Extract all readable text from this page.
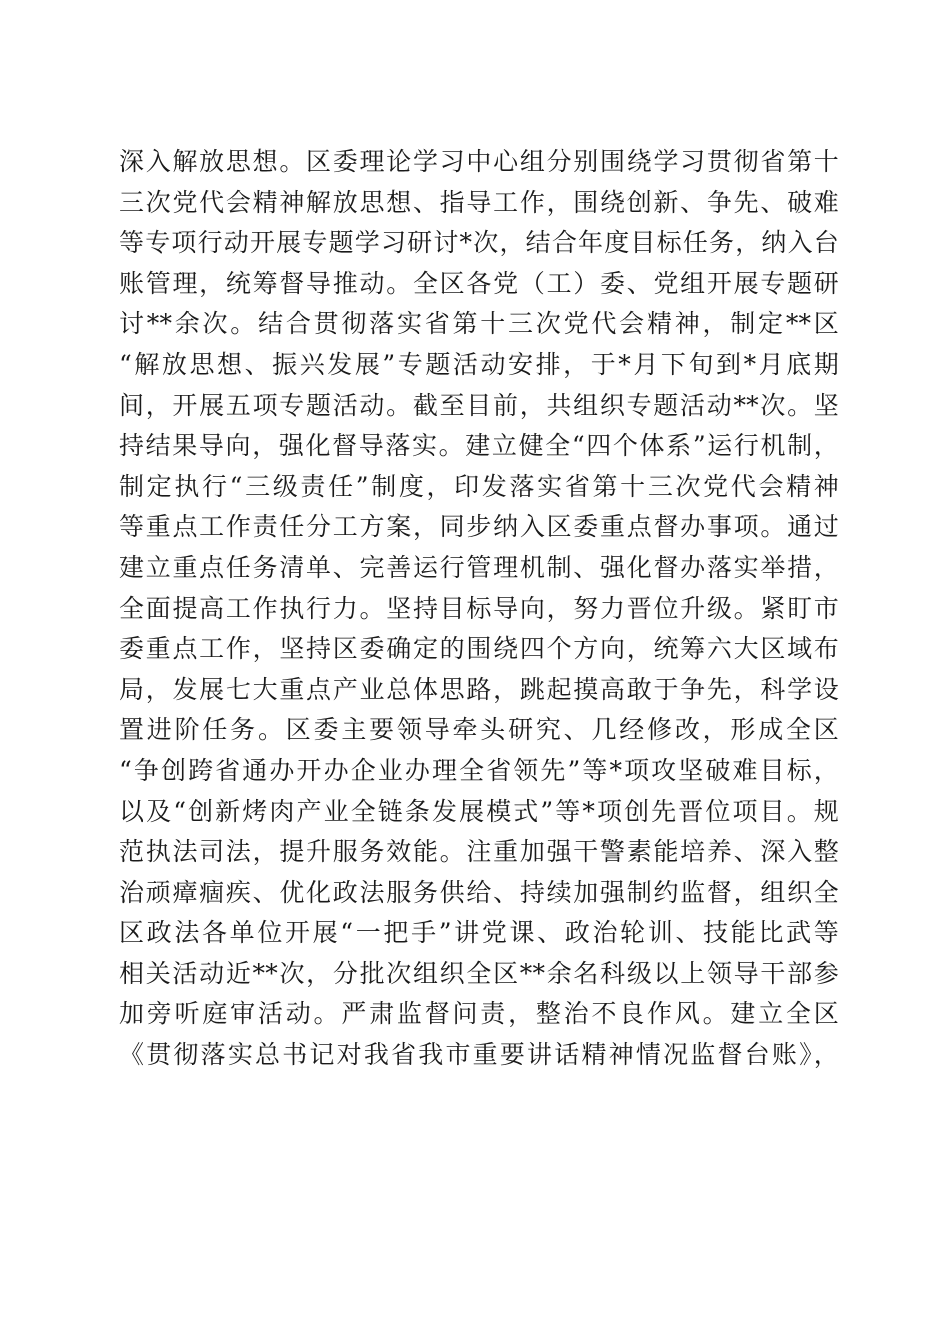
深入解放思想。区委理论学习中心组分别围绕学习贯彻省第十
三次党代会精神解放思想、指导工作，围绕创新、争先、破难
等专项行动开展专题学习研讨*次，结合年度目标任务，纳入台
账管理，统筹督导推动。全区各党（工）委、党组开展专题研
讨**余次。结合贯彻落实省第十三次党代会精神，制定**区
“解放思想、振兴发展”专题活动安排，于*月下旬到*月底期
间，开展五项专题活动。截至目前，共组织专题活动**次。坚
持结果导向，强化督导落实。建立健全“四个体系”运行机制，
制定执行“三级责任”制度，印发落实省第十三次党代会精神
等重点工作责任分工方案，同步纳入区委重点督办事项。通过
建立重点任务清单、完善运行管理机制、强化督办落实举措，
全面提高工作执行力。坚持目标导向，努力晋位升级。紧盯市
委重点工作，坚持区委确定的围绕四个方向，统筹六大区域布
局，发展七大重点产业总体思路，跳起摸高敢于争先，科学设
置进阶任务。区委主要领导牵头研究、几经修改，形成全区
“争创跨省通办开办企业办理全省领先”等*项攻坚破难目标，
以及“创新烤肉产业全链条发展模式”等*项创先晋位项目。规
范执法司法，提升服务效能。注重加强干警素能培养、深入整
治顽瘴痼疾、优化政法服务供给、持续加强制约监督，组织全
区政法各单位开展“一把手”讲党课、政治轮训、技能比武等
相关活动近**次，分批次组织全区**余名科级以上领导干部参
加旁听庭审活动。严肃监督问责，整治不良作风。建立全区
《贯彻落实总书记对我省我市重要讲话精神情况监督台账》，
